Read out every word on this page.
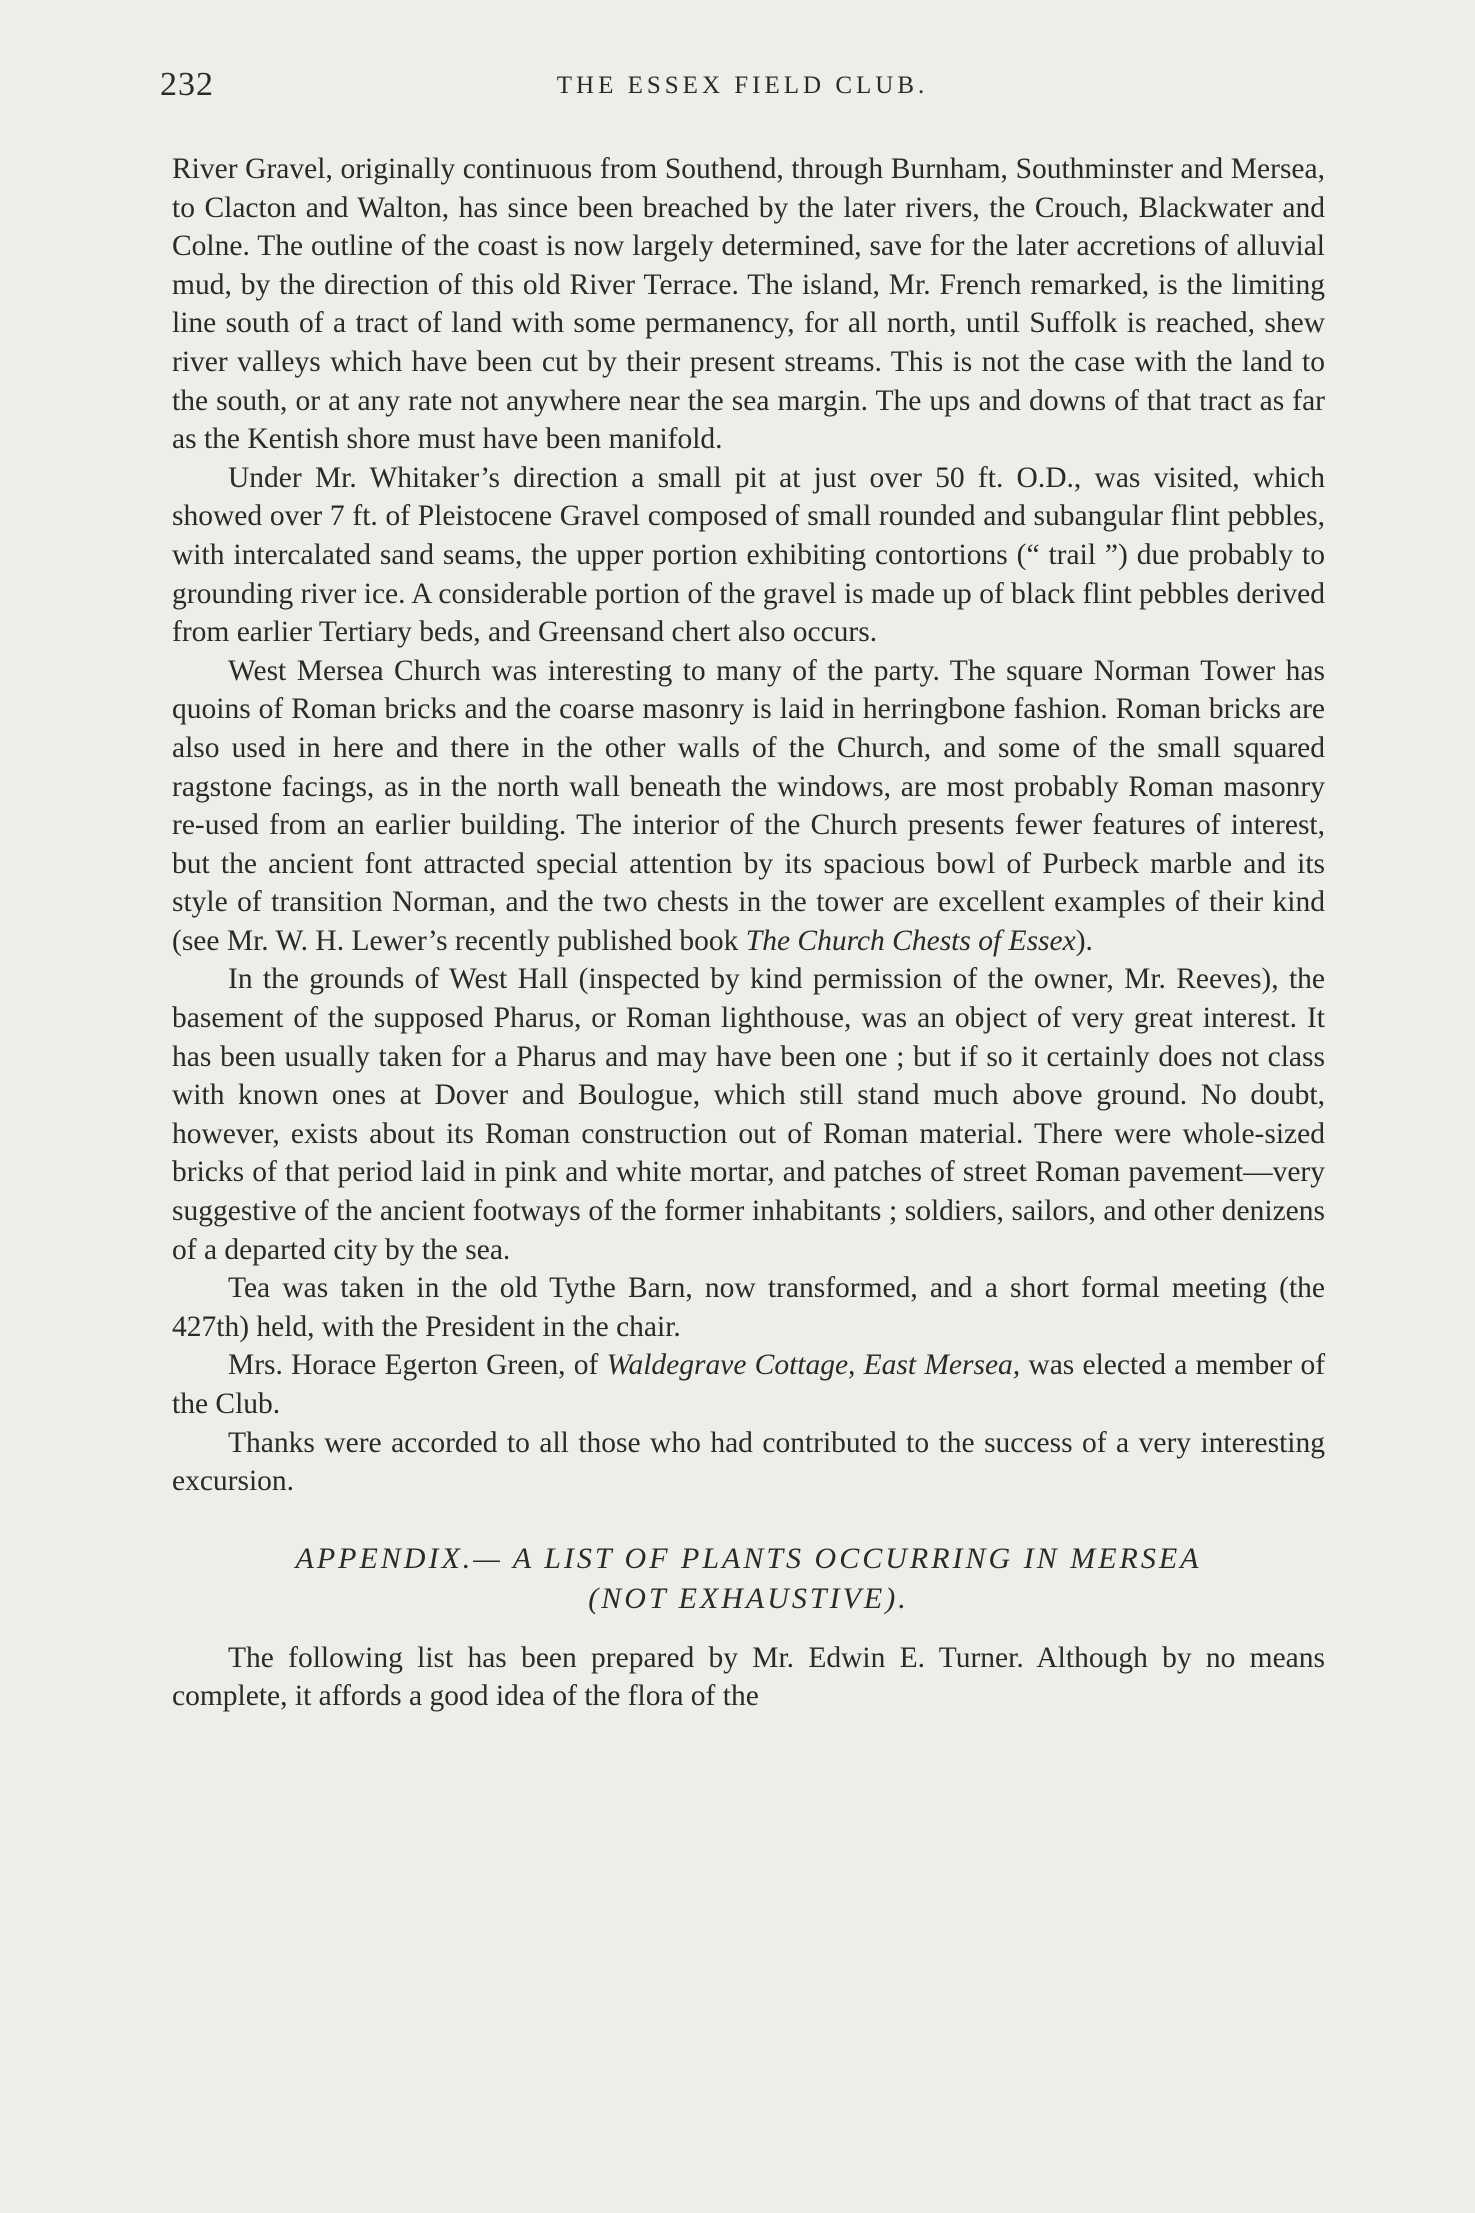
232	THE ESSEX FIELD CLUB.

River Gravel, originally continuous from Southend, through Burnham, Southminster and Mersea, to Clacton and Walton, has since been breached by the later rivers, the Crouch, Blackwater and Colne. The outline of the coast is now largely determined, save for the later accretions of alluvial mud, by the direction of this old River Terrace. The island, Mr. French remarked, is the limiting line south of a tract of land with some permanency, for all north, until Suffolk is reached, shew river valleys which have been cut by their present streams. This is not the case with the land to the south, or at any rate not anywhere near the sea margin. The ups and downs of that tract as far as the Kentish shore must have been manifold.

Under Mr. Whitaker’s direction a small pit at just over 50 ft. O.D., was visited, which showed over 7 ft. of Pleistocene Gravel composed of small rounded and subangular flint pebbles, with intercalated sand seams, the upper portion exhibiting contortions (“ trail ”) due probably to grounding river ice. A considerable portion of the gravel is made up of black flint pebbles derived from earlier Tertiary beds, and Greensand chert also occurs.

West Mersea Church was interesting to many of the party. The square Norman Tower has quoins of Roman bricks and the coarse masonry is laid in herringbone fashion. Roman bricks are also used in here and there in the other walls of the Church, and some of the small squared ragstone facings, as in the north wall beneath the windows, are most probably Roman masonry re-used from an earlier building. The interior of the Church presents fewer features of interest, but the ancient font attracted special attention by its spacious bowl of Purbeck marble and its style of transition Norman, and the two chests in the tower are excellent examples of their kind (see Mr. W. H. Lewer’s recently published book The Church Chests of Essex).

In the grounds of West Hall (inspected by kind permission of the owner, Mr. Reeves), the basement of the supposed Pharus, or Roman lighthouse, was an object of very great interest. It has been usually taken for a Pharus and may have been one ; but if so it certainly does not class with known ones at Dover and Boulogue, which still stand much above ground. No doubt, however, exists about its Roman construction out of Roman material. There were whole-sized bricks of that period laid in pink and white mortar, and patches of street Roman pavement—very suggestive of the ancient footways of the former inhabitants ; soldiers, sailors, and other denizens of a departed city by the sea.

Tea was taken in the old Tythe Barn, now transformed, and a short formal meeting (the 427th) held, with the President in the chair.

Mrs. Horace Egerton Green, of Waldegrave Cottage, East Mersea, was elected a member of the Club.

Thanks were accorded to all those who had contributed to the success of a very interesting excursion.

APPENDIX.— A LIST OF PLANTS OCCURRING IN MERSEA
(NOT EXHAUSTIVE).

The following list has been prepared by Mr. Edwin E. Turner. Although by no means complete, it affords a good idea of the flora of the
